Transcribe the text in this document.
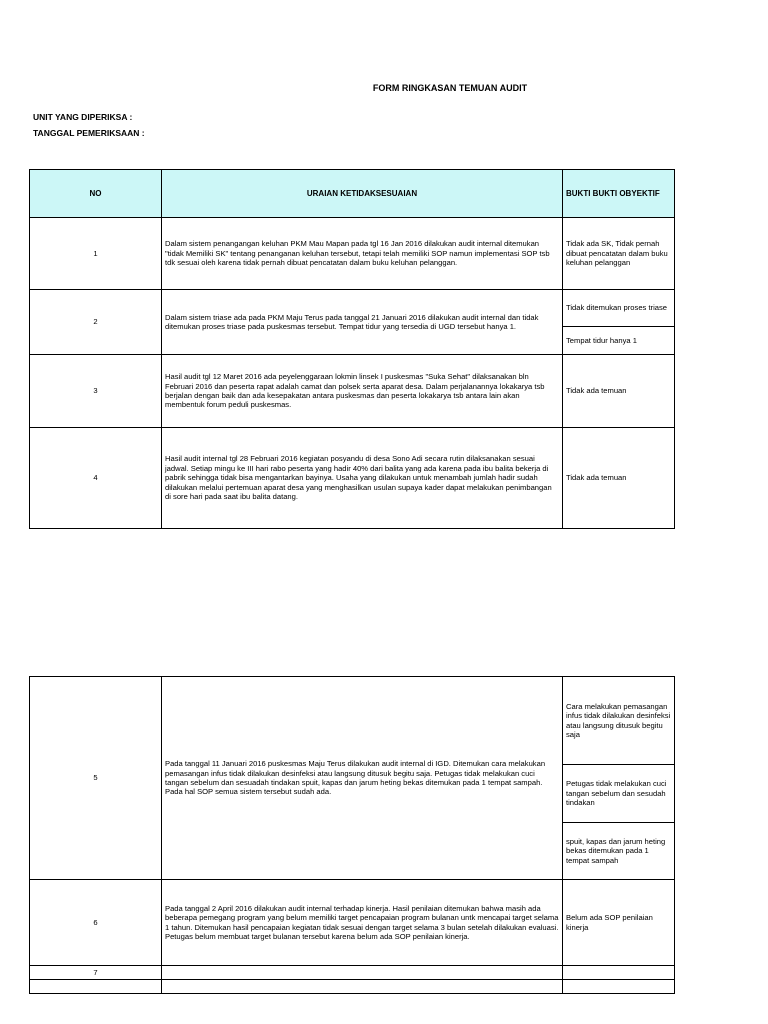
FORM RINGKASAN TEMUAN AUDIT
UNIT YANG DIPERIKSA :
TANGGAL PEMERIKSAAN :
NO	URAIAN KETIDAKSESUAIAN	BUKTI BUKTI OBYEKTIF
1	Dalam sistem penangangan keluhan PKM Mau Mapan pada tgl 16 Jan 2016 dilakukan audit internal ditemukan "tidak Memiliki SK" tentang penanganan keluhan tersebut, tetapi telah memiliki SOP namun implementasi SOP tsb tdk sesuai oleh karena tidak pernah dibuat pencatatan dalam buku keluhan pelanggan.	Tidak ada SK, Tidak pernah dibuat pencatatan dalam buku keluhan pelanggan
2	Dalam sistem triase ada pada PKM Maju Terus pada tanggal 21 Januari 2016 dilakukan audit internal dan tidak ditemukan proses triase pada puskesmas tersebut. Tempat tidur yang tersedia di UGD tersebut hanya 1.	Tidak ditemukan proses triase
		Tempat tidur hanya 1
3	Hasil audit tgl 12 Maret 2016 ada peyelenggaraan lokmin linsek I puskesmas "Suka Sehat" dilaksanakan bln Februari 2016 dan peserta rapat adalah camat dan polsek serta aparat desa. Dalam perjalanannya lokakarya tsb berjalan dengan baik dan ada kesepakatan antara puskesmas dan peserta lokakarya tsb antara lain akan membentuk forum peduli puskesmas.	Tidak ada temuan
4	Hasil audit internal tgl 28 Februari 2016 kegiatan posyandu di desa Sono Adi secara rutin dilaksanakan sesuai jadwal. Setiap mingu ke III hari rabo peserta yang hadir 40% dari balita yang ada karena pada ibu balita bekerja di pabrik sehingga tidak bisa mengantarkan bayinya. Usaha yang dilakukan untuk menambah jumlah hadir sudah dilakukan melalui pertemuan aparat desa yang menghasilkan usulan supaya kader dapat melakukan penimbangan di sore hari pada saat ibu balita datang.	Tidak ada temuan
5	Pada tanggal 11 Januari 2016 puskesmas Maju Terus dilakukan audit internal di IGD. Ditemukan cara melakukan pemasangan infus tidak dilakukan desinfeksi atau langsung ditusuk begitu saja. Petugas tidak melakukan cuci tangan sebelum dan sesuadah tindakan spuit, kapas dan jarum heting bekas ditemukan pada 1 tempat sampah. Pada hal SOP semua sistem tersebut sudah ada.	Cara melakukan pemasangan infus tidak dilakukan desinfeksi atau langsung ditusuk begitu saja
		Petugas tidak melakukan cuci tangan sebelum dan sesudah tindakan
		spuit, kapas dan jarum heting bekas ditemukan pada 1 tempat sampah
6	Pada tanggal 2 April 2016 dilakukan audit internal terhadap kinerja. Hasil penilaian ditemukan bahwa masih ada beberapa pemegang program yang belum memiliki target pencapaian program bulanan untk mencapai target selama 1 tahun. Ditemukan hasil pencapaian kegiatan tidak sesuai dengan target selama 3 bulan setelah dilakukan evaluasi. Petugas belum membuat target bulanan tersebut karena belum ada SOP penilaian kinerja.	Belum ada SOP penilaian kinerja
7		
